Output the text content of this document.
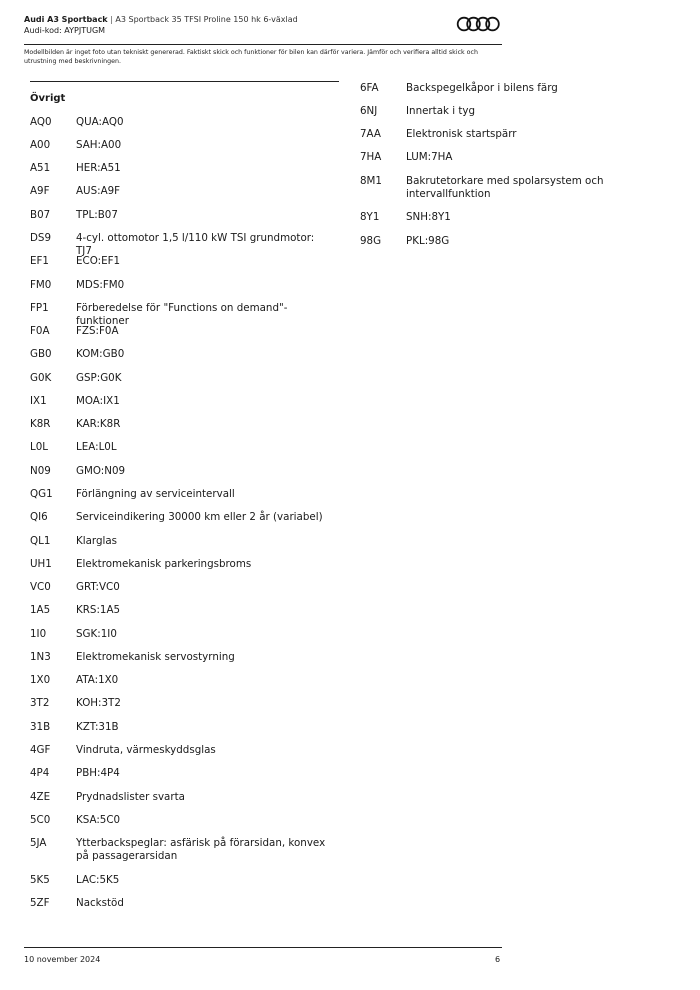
Audi A3 Sportback | A3 Sportback 35 TFSI Proline 150 hk 6-växlad
Audi-kod: AYPJTUGM
Modellbilden är inget foto utan tekniskt genererad. Faktiskt skick och funktioner för bilen kan därför variera. Jämför och verifiera alltid skick och utrustning med beskrivningen.
Övrigt
AQ0	QUA:AQ0
A00	SAH:A00
A51	HER:A51
A9F	AUS:A9F
B07	TPL:B07
DS9	4-cyl. ottomotor 1,5 l/110 kW TSI grundmotor: TJ7
EF1	ECO:EF1
FM0	MDS:FM0
FP1	Förberedelse för "Functions on demand"-funktioner
F0A	FZS:F0A
GB0	KOM:GB0
G0K	GSP:G0K
IX1	MOA:IX1
K8R	KAR:K8R
L0L	LEA:L0L
N09	GMO:N09
QG1	Förlängning av serviceintervall
QI6	Serviceindikering 30000 km eller 2 år (variabel)
QL1	Klarglas
UH1	Elektromekanisk parkeringsbroms
VC0	GRT:VC0
1A5	KRS:1A5
1I0	SGK:1I0
1N3	Elektromekanisk servostyrning
1X0	ATA:1X0
3T2	KOH:3T2
31B	KZT:31B
4GF	Vindruta, värmeskyddsglas
4P4	PBH:4P4
4ZE	Prydnadslister svarta
5C0	KSA:5C0
5JA	Ytterbackspeglar: asfärisk på förarsidan, konvex på passagerarsidan
5K5	LAC:5K5
5ZF	Nackstöd
6FA	Backspegelkåpor i bilens färg
6NJ	Innertak i tyg
7AA	Elektronisk startspärr
7HA	LUM:7HA
8M1	Bakrutetorkare med spolarsystem och intervallfunktion
8Y1	SNH:8Y1
98G	PKL:98G
10 november 2024	6
